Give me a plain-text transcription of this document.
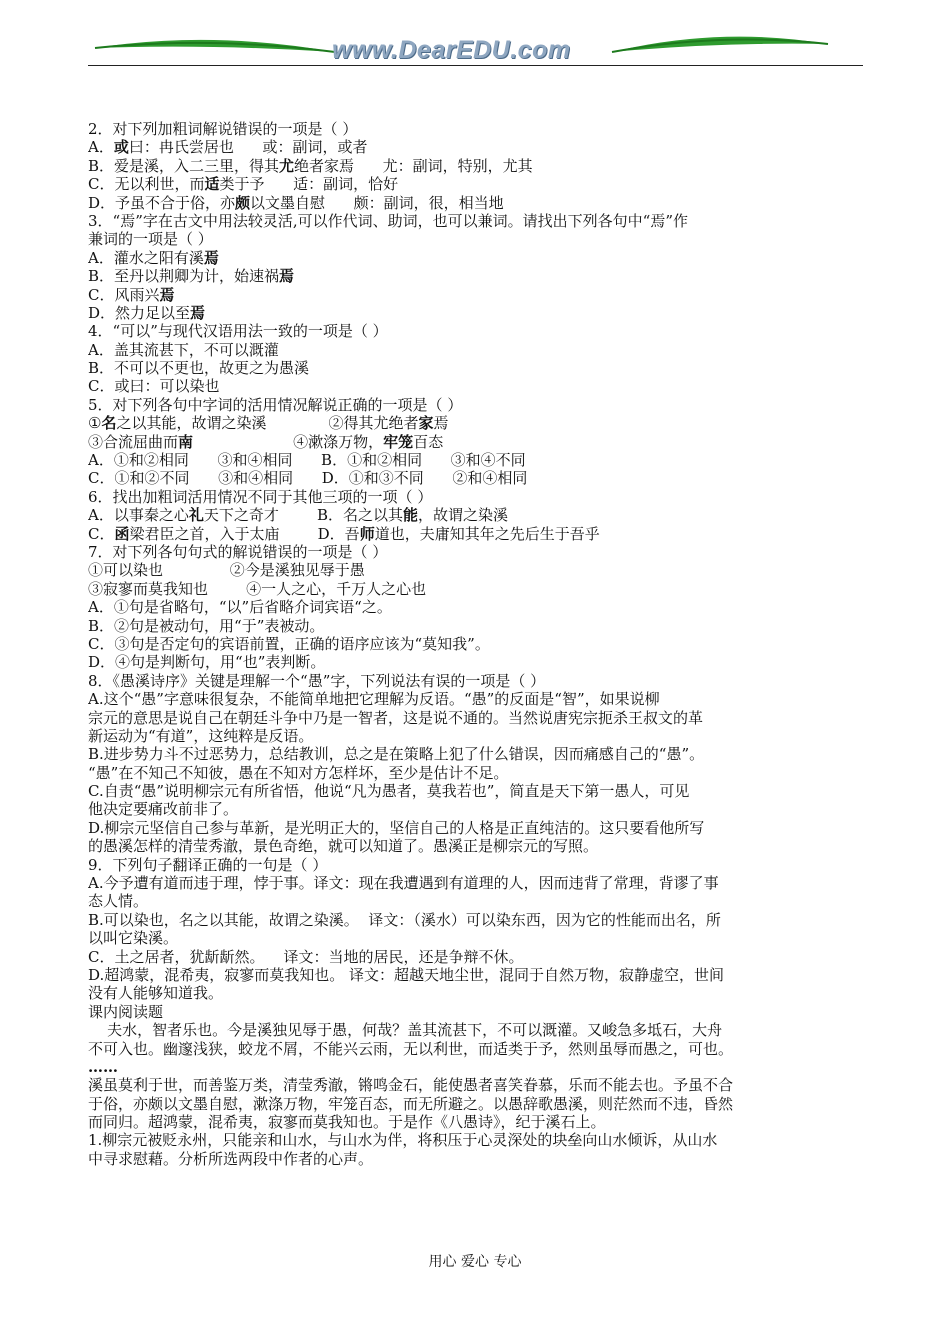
www.DearEDU.com
2．对下列加粗词解说错误的一项是（ ）
A．或曰：冉氏尝居也      或：副词，或者
B．爱是溪，入二三里，得其尤绝者家焉      尤：副词，特别，尤其
C．无以利世，而适类于予      适：副词，恰好
D．予虽不合于俗，亦颇以文墨自慰      颇：副词，很，相当地
3．“焉”字在古文中用法较灵活,可以作代词、助词，也可以兼词。请找出下列各句中“焉”作
兼词的一项是（ ）
A．灌水之阳有溪焉
B．至丹以荆卿为计，始速祸焉
C．风雨兴焉
D．然力足以至焉
4．“可以”与现代汉语用法一致的一项是（ ）
A．盖其流甚下，不可以溉灌
B．不可以不更也，故更之为愚溪
C．或曰：可以染也
5．对下列各句中字词的活用情况解说正确的一项是（ ）
①名之以其能，故谓之染溪             ②得其尤绝者家焉
③合流屈曲而南                     ④漱涤万物，牢笼百态
A．①和②相同      ③和④相同      B．①和②相同      ③和④不同
C．①和②不同      ③和④相同      D．①和③不同      ②和④相同
6．找出加粗词活用情况不同于其他三项的一项（ ）
A．以事秦之心礼天下之奇才        B．名之以其能，故谓之染溪
C．函梁君臣之首，入于太庙        D．吾师道也，夫庸知其年之先后生于吾乎
7．对下列各句句式的解说错误的一项是（ ）
①可以染也              ②今是溪独见辱于愚
③寂寥而莫我知也        ④一人之心，千万人之心也
A．①句是省略句，“以”后省略介词宾语“之。
B．②句是被动句，用“于”表被动。
C．③句是否定句的宾语前置，正确的语序应该为“莫知我”。
D．④句是判断句，用“也”表判断。
8．《愚溪诗序》关键是理解一个“愚”字，下列说法有误的一项是（ ）
A.这个“愚”字意味很复杂，不能简单地把它理解为反语。“愚”的反面是“智”，如果说柳
宗元的意思是说自己在朝廷斗争中乃是一智者，这是说不通的。当然说唐宪宗扼杀王叔文的革
新运动为“有道”，这纯粹是反语。
B.进步势力斗不过恶势力，总结教训，总之是在策略上犯了什么错误，因而痛感自己的“愚”。
“愚”在不知己不知彼，愚在不知对方怎样坏，至少是估计不足。
C.自责“愚”说明柳宗元有所省悟，他说“凡为愚者，莫我若也”，简直是天下第一愚人，可见
他决定要痛改前非了。
D.柳宗元坚信自己参与革新，是光明正大的，坚信自己的人格是正直纯洁的。这只要看他所写
的愚溪怎样的清莹秀澈，景色奇绝，就可以知道了。愚溪正是柳宗元的写照。
9．下列句子翻译正确的一句是（ ）
A.今予遭有道而违于理，悖于事。译文：现在我遭遇到有道理的人，因而违背了常理，背谬了事
态人情。
B.可以染也，名之以其能，故谓之染溪。  译文：（溪水）可以染东西，因为它的性能而出名，所
以叫它染溪。
C．土之居者，犹龂龂然。    译文：当地的居民，还是争辩不休。
D.超鸿蒙，混希夷，寂寥而莫我知也。 译文：超越天地尘世，混同于自然万物，寂静虚空，世间
没有人能够知道我。
课内阅读题
夫水，智者乐也。今是溪独见辱于愚，何哉？盖其流甚下，不可以溉灌。又峻急多坻石，大舟
不可入也。幽邃浅狭，蛟龙不屑，不能兴云雨，无以利世，而适类于予，然则虽辱而愚之，可也。
……
溪虽莫利于世，而善鉴万类，清莹秀澈，锵鸣金石，能使愚者喜笑眷慕，乐而不能去也。予虽不合
于俗，亦颇以文墨自慰，漱涤万物，牢笼百态，而无所避之。以愚辞歌愚溪，则茫然而不违，昏然
而同归。超鸿蒙，混希夷，寂寥而莫我知也。于是作《八愚诗》，纪于溪石上。
1.柳宗元被贬永州，只能亲和山水，与山水为伴，将积压于心灵深处的块垒向山水倾诉，从山水
中寻求慰藉。分析所选两段中作者的心声。
用心 爱心 专心
